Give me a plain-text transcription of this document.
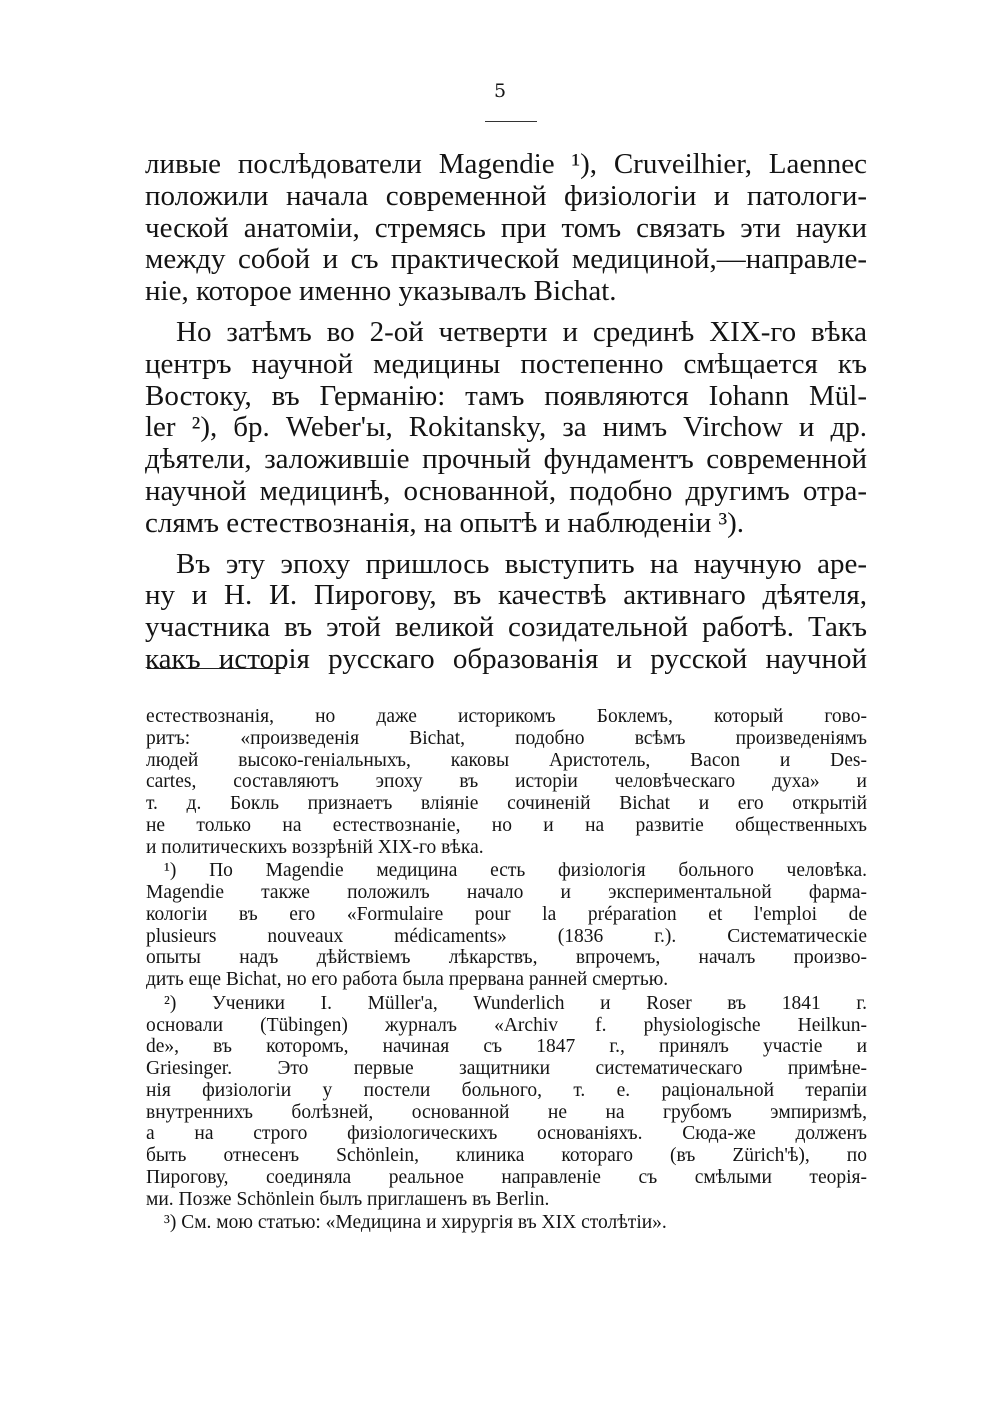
5
ливые послѣдователи Magendie ¹), Cruveilhier, Laennec
положили начала современной физіологіи и патологи-
ческой анатоміи, стремясь при томъ связать эти науки
между собой и съ практической медициной,—направле-
ніе, которое именно указывалъ Bichat.
Но затѣмъ во 2-ой четверти и срединѣ XIX-го вѣка
центръ научной медицины постепенно смѣщается къ
Востоку, въ Германію: тамъ появляются Iohann Mül-
ler ²), бр. Weber'ы, Rokitansky, за нимъ Virchow и др.
дѣятели, заложившіе прочный фундаментъ современной
научной медицинѣ, основанной, подобно другимъ отра-
слямъ естествознанія, на опытѣ и наблюденіи ³).
Въ эту эпоху пришлось выступить на научную аре-
ну и Н. И. Пирогову, въ качествѣ активнаго дѣятеля,
участника въ этой великой созидательной работѣ. Такъ
какъ исторія русскаго образованія и русской научной
естествознанія, но даже историкомъ Боклемъ, который гово-
ритъ: «произведенія Bichat, подобно всѣмъ произведеніямъ
людей высоко-геніальныхъ, каковы Аристотель, Bacon и Des-
cartes, составляютъ эпоху въ исторіи человѣческаго духа» и
т. д. Бокль признаетъ вліяніе сочиненій Bichat и его открытій
не только на естествознаніе, но и на развитіе общественныхъ
и политическихъ воззрѣній XIX-го вѣка.
¹) По Magendie медицина есть физіологія больного человѣка.
Magendie также положилъ начало и экспериментальной фарма-
кологіи въ его «Formulaire pour la préparation et l'emploi de
plusieurs nouveaux médicaments» (1836 г.). Систематическіе
опыты надъ дѣйствіемъ лѣкарствъ, впрочемъ, началъ произво-
дить еще Bichat, но его работа была прервана ранней смертью.
²) Ученики I. Müller'а, Wunderlich и Roser въ 1841 г.
основали (Tübingen) журналъ «Archiv f. physiologische Heilkun-
de», въ которомъ, начиная съ 1847 г., принялъ участіе и
Griesinger. Это первые защитники систематическаго примѣне-
нія физіологіи у постели больного, т. е. раціональной терапіи
внутреннихъ болѣзней, основанной не на грубомъ эмпиризмѣ,
а на строго физіологическихъ основаніяхъ. Сюда-же долженъ
быть отнесенъ Schönlein, клиника котораго (въ Zürich'ѣ), по
Пирогову, соединяла реальное направленіе съ смѣлыми теорія-
ми. Позже Schönlein былъ приглашенъ въ Berlin.
³) См. мою статью: «Медицина и хирургія въ XIX столѣтіи».
